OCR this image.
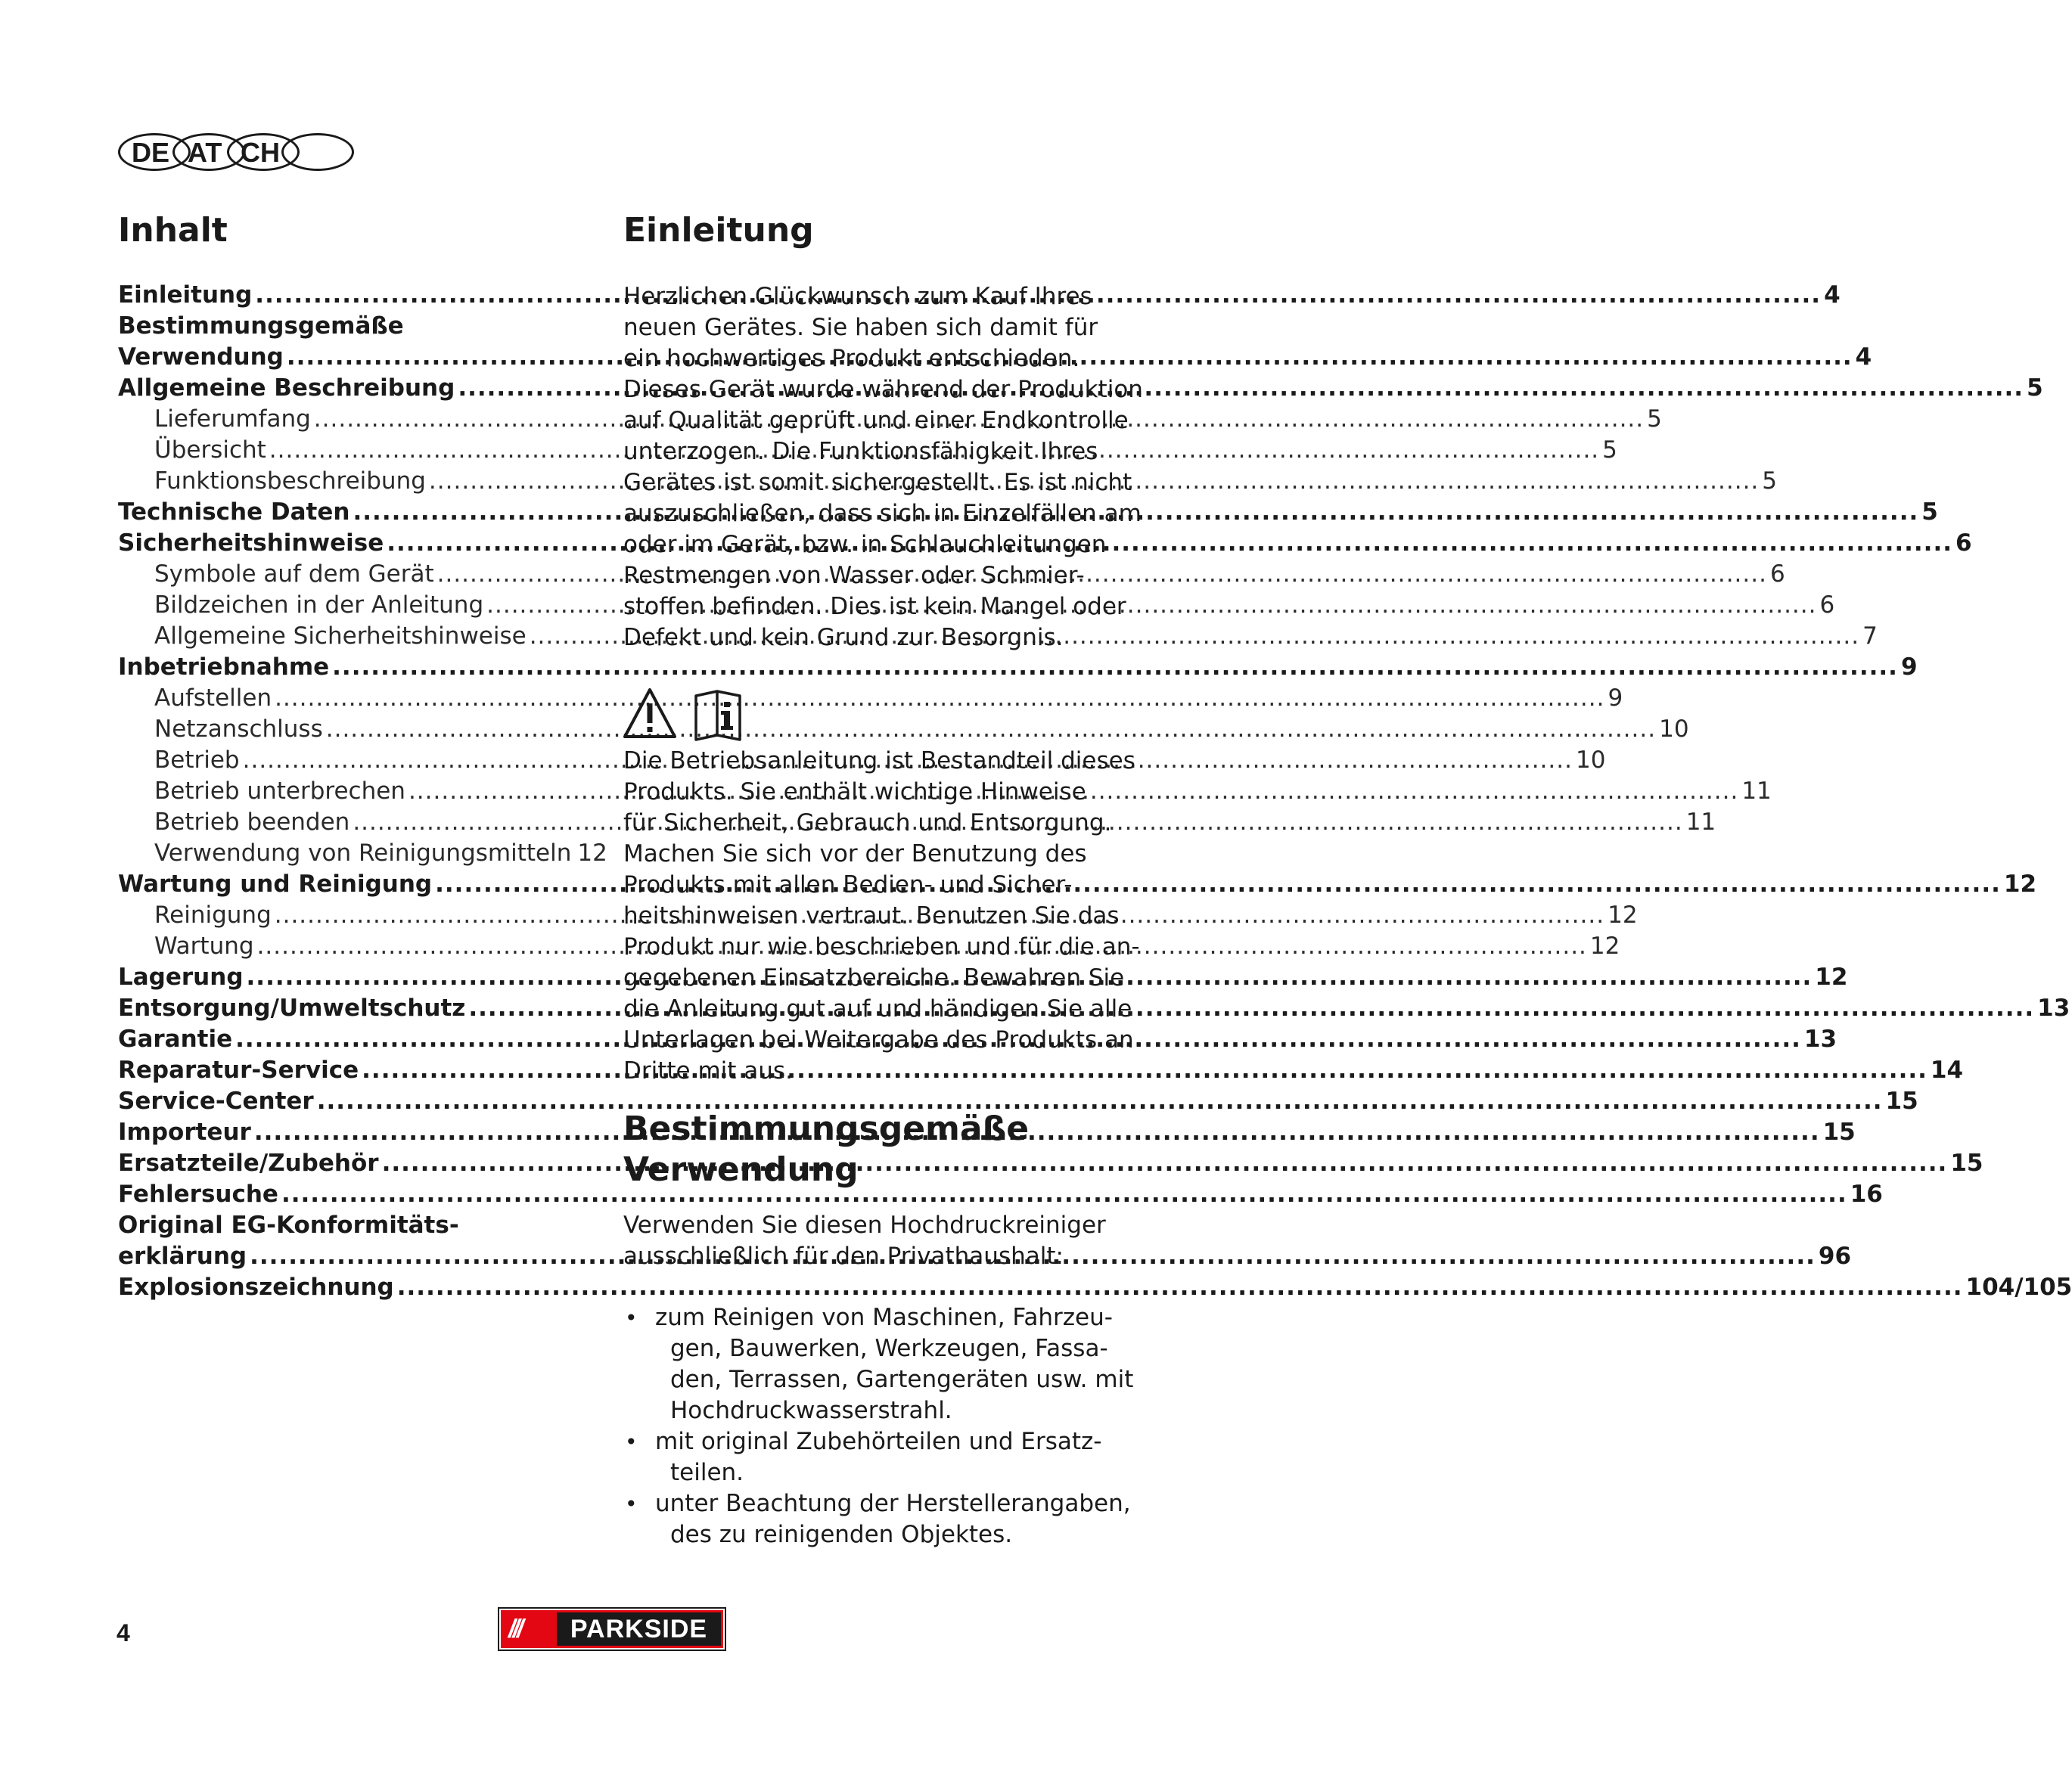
DE AT CH
Inhalt
Einleitung .....	4
Bestimmungsgemäße
Verwendung .....	4
Allgemeine Beschreibung .....	5
Lieferumfang .....	5
Übersicht .....	5
Funktionsbeschreibung .....	5
Technische Daten .....	5
Sicherheitshinweise .....	6
Symbole auf dem Gerät .....	6
Bildzeichen in der Anleitung .....	6
Allgemeine Sicherheitshinweise .....	7
Inbetriebnahme .....	9
Aufstellen .....	9
Netzanschluss .....	10
Betrieb .....	10
Betrieb unterbrechen .....	11
Betrieb beenden .....	11
Verwendung von Reinigungsmitteln 12
Wartung und Reinigung .....	12
Reinigung .....	12
Wartung .....	12
Lagerung .....	12
Entsorgung/Umweltschutz .....	13
Garantie .....	13
Reparatur-Service .....	14
Service-Center .....	15
Importeur .....	15
Ersatzteile/Zubehör .....	15
Fehlersuche .....	16
Original EG-Konformitäts-
erklärung .....	96
Explosionszeichnung .....	104/105
Einleitung
Herzlichen Glückwunsch zum Kauf Ihres
neuen Gerätes. Sie haben sich damit für
ein hochwertiges Produkt entschieden.
Dieses Gerät wurde während der Produktion
auf Qualität geprüft und einer Endkontrolle
unterzogen. Die Funktionsfähigkeit Ihres
Gerätes ist somit sichergestellt. Es ist nicht
auszuschließen, dass sich in Einzelfällen am
oder im Gerät, bzw. in Schlauchleitungen
Restmengen von Wasser oder Schmier-
stoffen befinden. Dies ist kein Mangel oder
Defekt und kein Grund zur Besorgnis.
Die Betriebsanleitung ist Bestandteil dieses
Produkts. Sie enthält wichtige Hinweise
für Sicherheit, Gebrauch und Entsorgung.
Machen Sie sich vor der Benutzung des
Produkts mit allen Bedien- und Sicher-
heitshinweisen vertraut. Benutzen Sie das
Produkt nur wie beschrieben und für die an-
gegebenen Einsatzbereiche. Bewahren Sie
die Anleitung gut auf und händigen Sie alle
Unterlagen bei Weitergabe des Produkts an
Dritte mit aus.
Bestimmungsgemäße
Verwendung
Verwenden Sie diesen Hochdruckreiniger
ausschließlich für den Privathaushalt:
• zum Reinigen von Maschinen, Fahrzeu-
gen, Bauwerken, Werkzeugen, Fassa-
den, Terrassen, Gartengeräten usw. mit
Hochdruckwasserstrahl.
• mit original Zubehörteilen und Ersatz-
teilen.
• unter Beachtung der Herstellerangaben,
des zu reinigenden Objektes.
4	///	PARKSIDE
